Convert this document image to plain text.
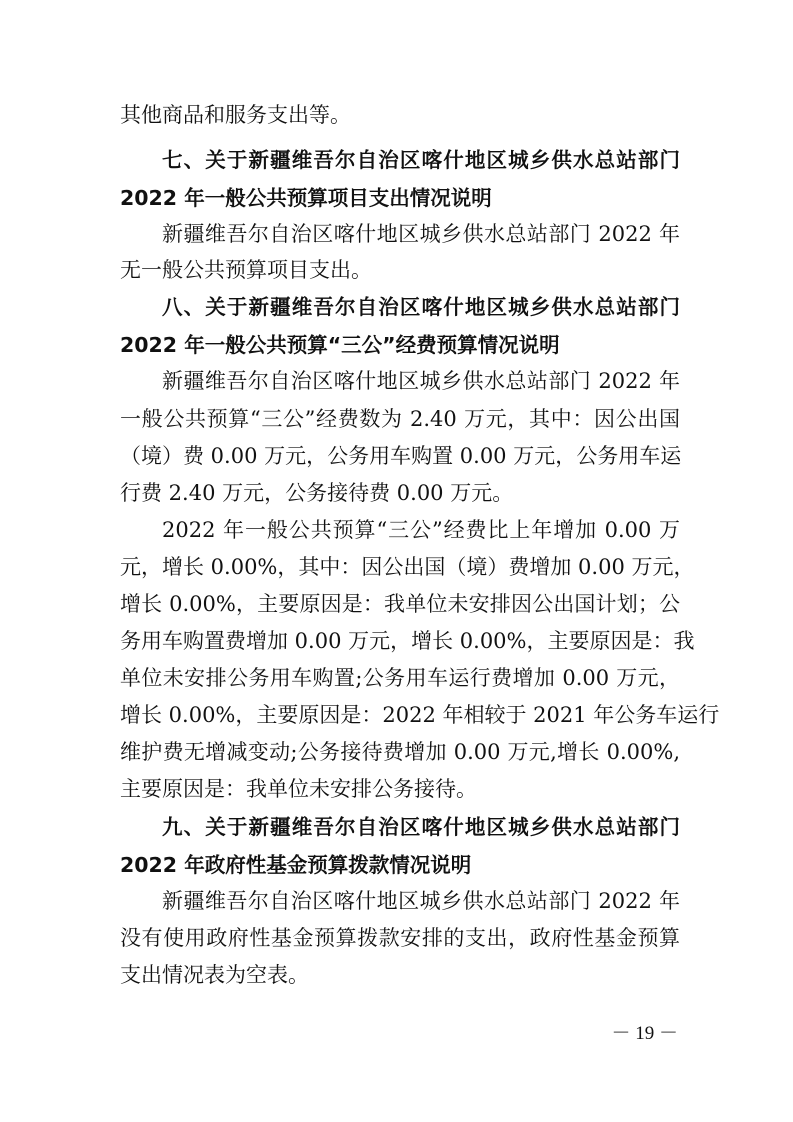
其他商品和服务支出等。
七、关于新疆维吾尔自治区喀什地区城乡供水总站部门
2022 年一般公共预算项目支出情况说明
新疆维吾尔自治区喀什地区城乡供水总站部门 2022 年
无一般公共预算项目支出。
八、关于新疆维吾尔自治区喀什地区城乡供水总站部门
2022 年一般公共预算“三公”经费预算情况说明
新疆维吾尔自治区喀什地区城乡供水总站部门 2022 年
一般公共预算“三公”经费数为 2.40 万元，其中：因公出国
（境）费 0.00 万元，公务用车购置 0.00 万元，公务用车运
行费 2.40 万元，公务接待费 0.00 万元。
2022 年一般公共预算“三公”经费比上年增加 0.00 万
元，增长 0.00%，其中：因公出国（境）费增加 0.00 万元，
增长 0.00%，主要原因是：我单位未安排因公出国计划；公
务用车购置费增加 0.00 万元，增长 0.00%，主要原因是：我
单位未安排公务用车购置;公务用车运行费增加 0.00 万元，
增长 0.00%，主要原因是：2022 年相较于 2021 年公务车运行
维护费无增减变动;公务接待费增加 0.00 万元,增长 0.00%,
主要原因是：我单位未安排公务接待。
九、关于新疆维吾尔自治区喀什地区城乡供水总站部门
2022 年政府性基金预算拨款情况说明
新疆维吾尔自治区喀什地区城乡供水总站部门 2022 年
没有使用政府性基金预算拨款安排的支出，政府性基金预算
支出情况表为空表。
－ 19 －
